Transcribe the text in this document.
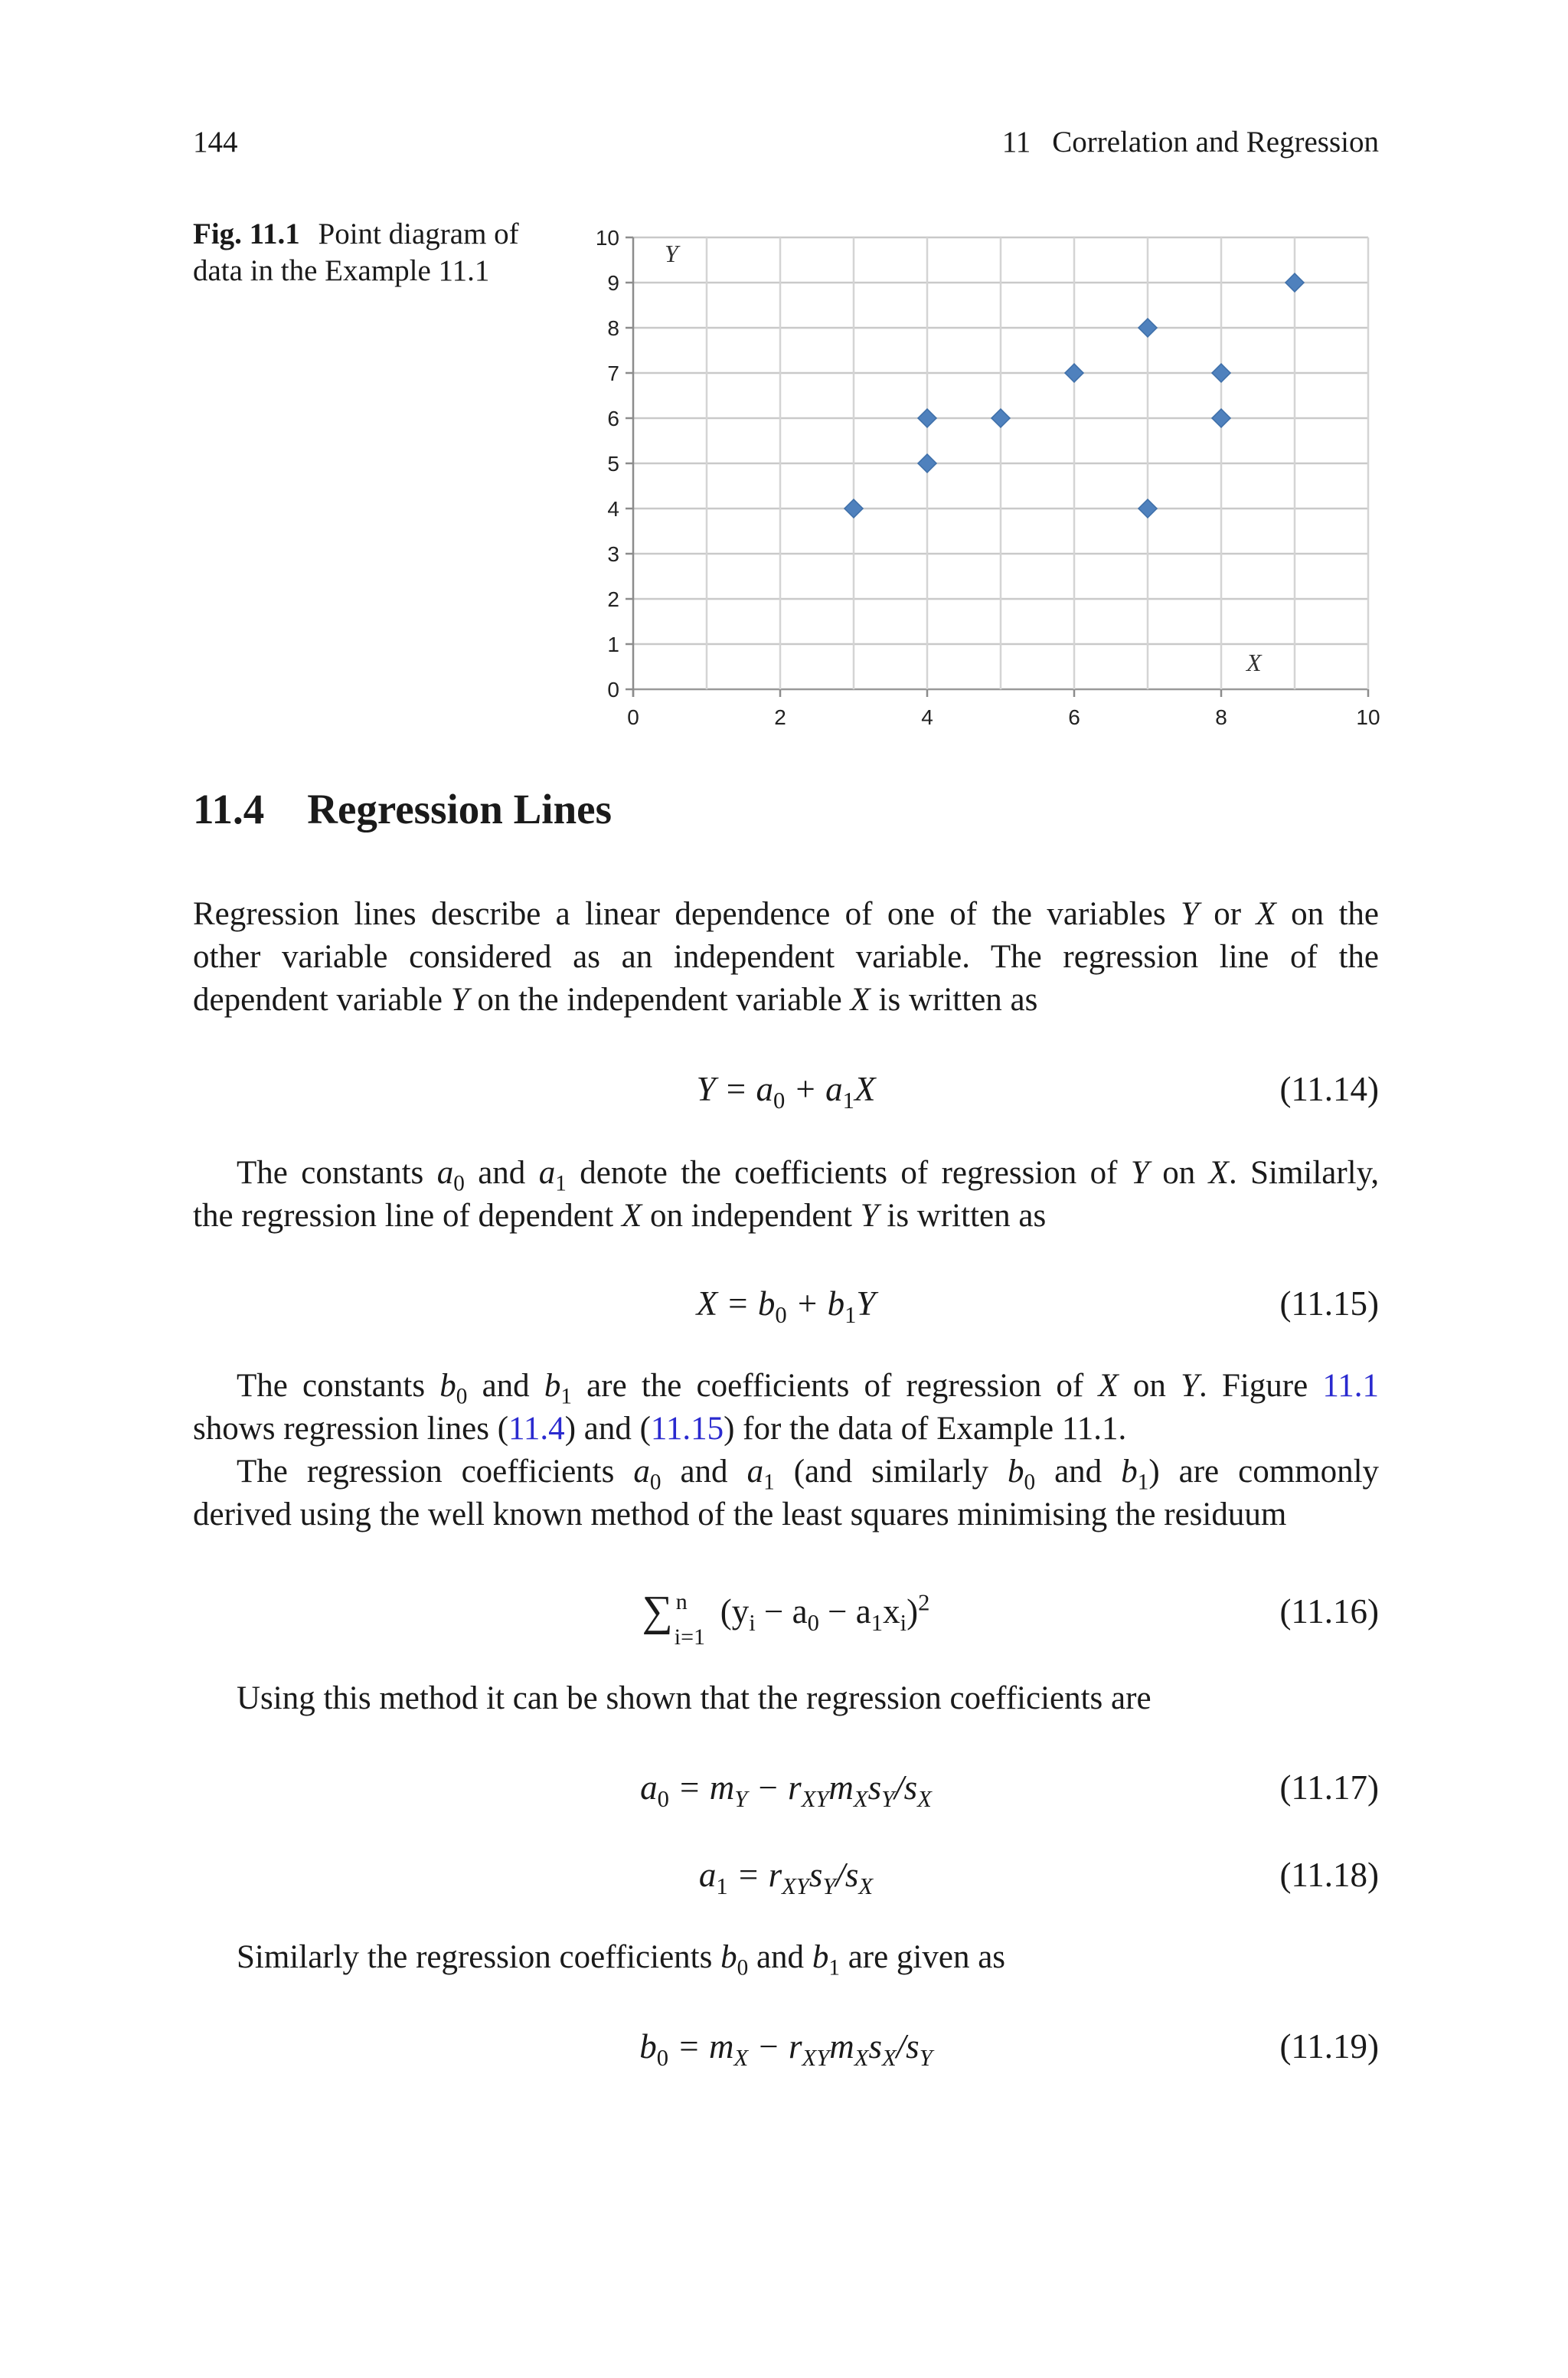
144	11 Correlation and Regression
Fig. 11.1 Point diagram of data in the Example 11.1
0
1
2
3
4
5
6
7
8
9
10
0	2	4	6	8	10
Y
X
11.4 Regression Lines
Regression lines describe a linear dependence of one of the variables Y or X on the
other variable considered as an independent variable. The regression line of the
dependent variable Y on the independent variable X is written as
$Y = a_0 + a_1X$	(11.14)
The constants $a_0$ and $a_1$ denote the coefficients of regression of Y on X. Similarly,
the regression line of dependent X on independent Y is written as
$X = b_0 + b_1Y$	(11.15)
The constants $b_0$ and $b_1$ are the coefficients of regression of X on Y. Figure 11.1
shows regression lines (11.4) and (11.15) for the data of Example 11.1.
The regression coefficients $a_0$ and $a_1$ (and similarly $b_0$ and $b_1$) are commonly
derived using the well known method of the least squares minimising the residuum
∑ n
i=1
$(y_i - a_0 - a_1x_i)^2$	(11.16)
Using this method it can be shown that the regression coefficients are
$a_0 = m_Y - r_{XY}m_Xs_Y/s_X$	(11.17)
$a_1 = r_{XY}s_Y/s_X$	(11.18)
Similarly the regression coefficients $b_0$ and $b_1$ are given as
$b_0 = m_X - r_{XY}m_Xs_X/s_Y$	(11.19)
